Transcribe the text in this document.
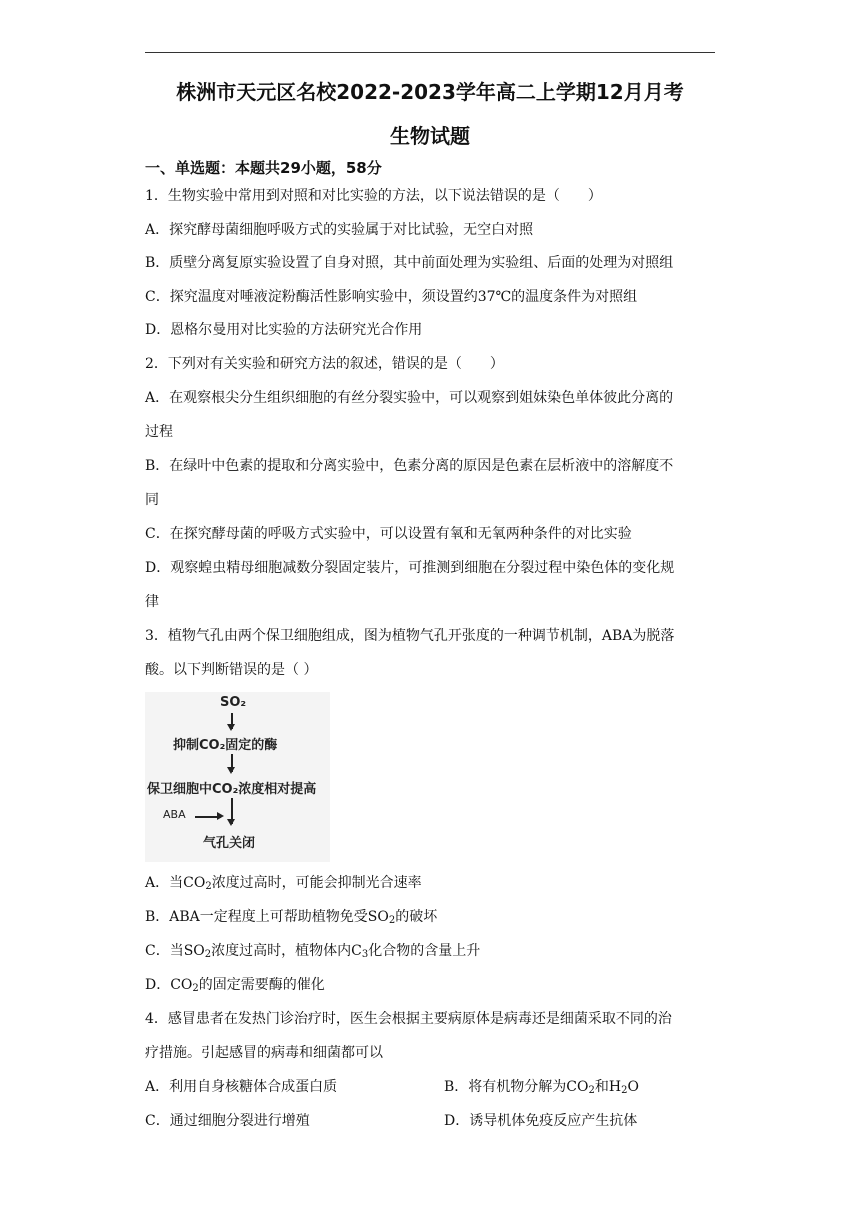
株洲市天元区名校2022-2023学年高二上学期12月月考
生物试题
一、单选题：本题共29小题，58分
1．生物实验中常用到对照和对比实验的方法，以下说法错误的是（　　）
A．探究酵母菌细胞呼吸方式的实验属于对比试验，无空白对照
B．质壁分离复原实验设置了自身对照，其中前面处理为实验组、后面的处理为对照组
C．探究温度对唾液淀粉酶活性影响实验中，须设置约37℃的温度条件为对照组
D．恩格尔曼用对比实验的方法研究光合作用
2．下列对有关实验和研究方法的叙述，错误的是（　　）
A．在观察根尖分生组织细胞的有丝分裂实验中，可以观察到姐妹染色单体彼此分离的
过程
B．在绿叶中色素的提取和分离实验中，色素分离的原因是色素在层析液中的溶解度不
同
C．在探究酵母菌的呼吸方式实验中，可以设置有氧和无氧两种条件的对比实验
D．观察蝗虫精母细胞减数分裂固定装片，可推测到细胞在分裂过程中染色体的变化规
律
3．植物气孔由两个保卫细胞组成，图为植物气孔开张度的一种调节机制，ABA为脱落
酸。以下判断错误的是（ ）
SO₂
抑制CO₂固定的酶
保卫细胞中CO₂浓度相对提高
ABA
气孔关闭
A．当$CO_2$浓度过高时，可能会抑制光合速率
B．ABA一定程度上可帮助植物免受$SO_2$的破坏
C．当$SO_2$浓度过高时，植物体内$C_3$化合物的含量上升
D．$CO_2$的固定需要酶的催化
4．感冒患者在发热门诊治疗时，医生会根据主要病原体是病毒还是细菌采取不同的治
疗措施。引起感冒的病毒和细菌都可以
A．利用自身核糖体合成蛋白质	B．将有机物分解为$CO_2$和$H_2O$
C．通过细胞分裂进行增殖	D．诱导机体免疫反应产生抗体
